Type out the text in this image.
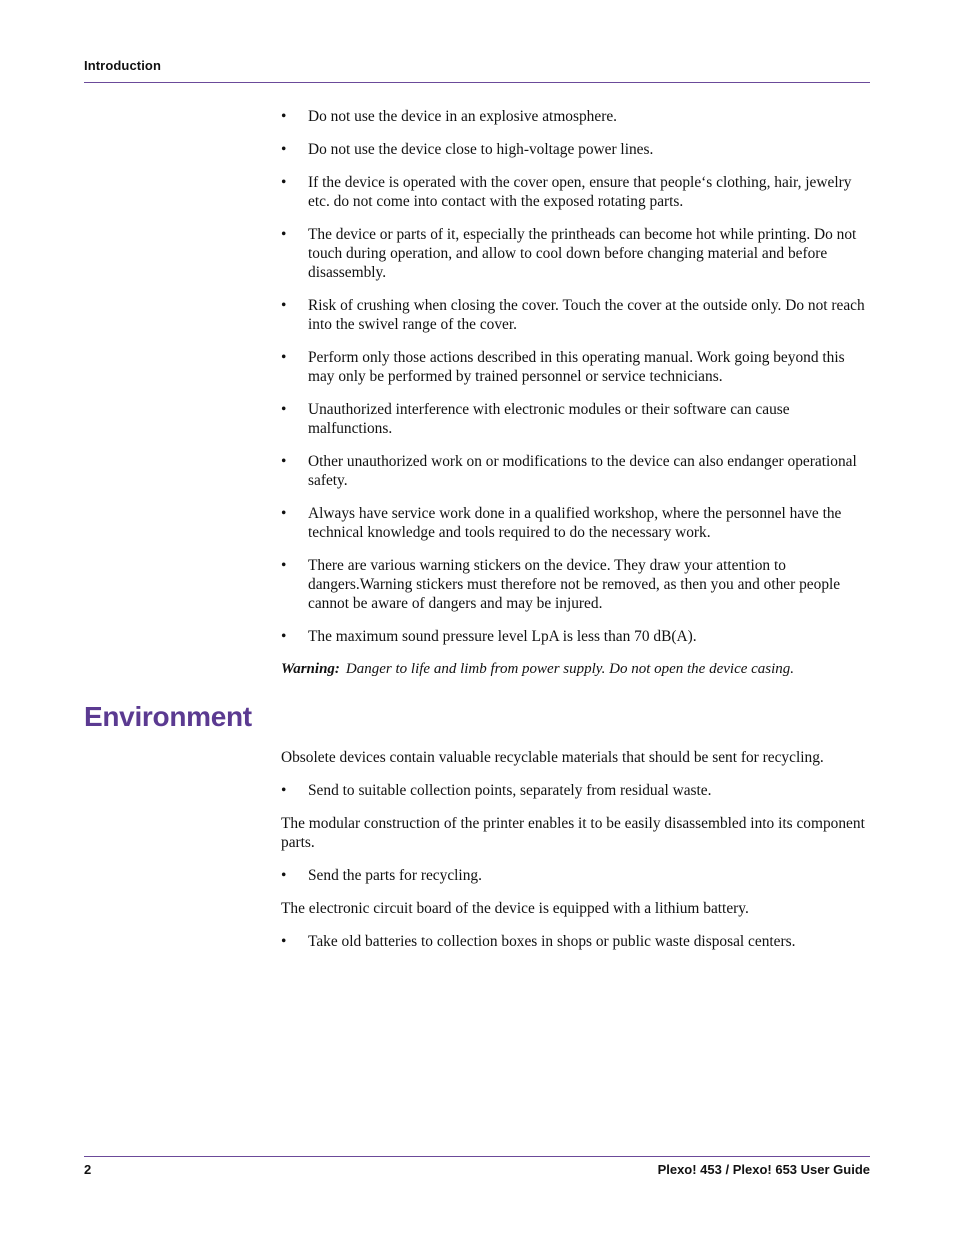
Introduction
• Do not use the device in an explosive atmosphere.
• Do not use the device close to high-voltage power lines.
• If the device is operated with the cover open, ensure that people‘s clothing, hair, jewelry etc. do not come into contact with the exposed rotating parts.
• The device or parts of it, especially the printheads can become hot while printing. Do not touch during operation, and allow to cool down before changing material and before disassembly.
• Risk of crushing when closing the cover. Touch the cover at the outside only. Do not reach into the swivel range of the cover.
• Perform only those actions described in this operating manual. Work going beyond this may only be performed by trained personnel or service technicians.
• Unauthorized interference with electronic modules or their software can cause malfunctions.
• Other unauthorized work on or modifications to the device can also endanger operational safety.
• Always have service work done in a qualified workshop, where the personnel have the technical knowledge and tools required to do the necessary work.
• There are various warning stickers on the device. They draw your attention to dangers.Warning stickers must therefore not be removed, as then you and other people cannot be aware of dangers and may be injured.
• The maximum sound pressure level LpA is less than 70 dB(A).

Warning: Danger to life and limb from power supply. Do not open the device casing.

Environment

Obsolete devices contain valuable recyclable materials that should be sent for recycling.

• Send to suitable collection points, separately from residual waste.

The modular construction of the printer enables it to be easily disassembled into its component parts.

• Send the parts for recycling.

The electronic circuit board of the device is equipped with a lithium battery.

• Take old batteries to collection boxes in shops or public waste disposal centers.
2	Plexo! 453 / Plexo! 653 User Guide
